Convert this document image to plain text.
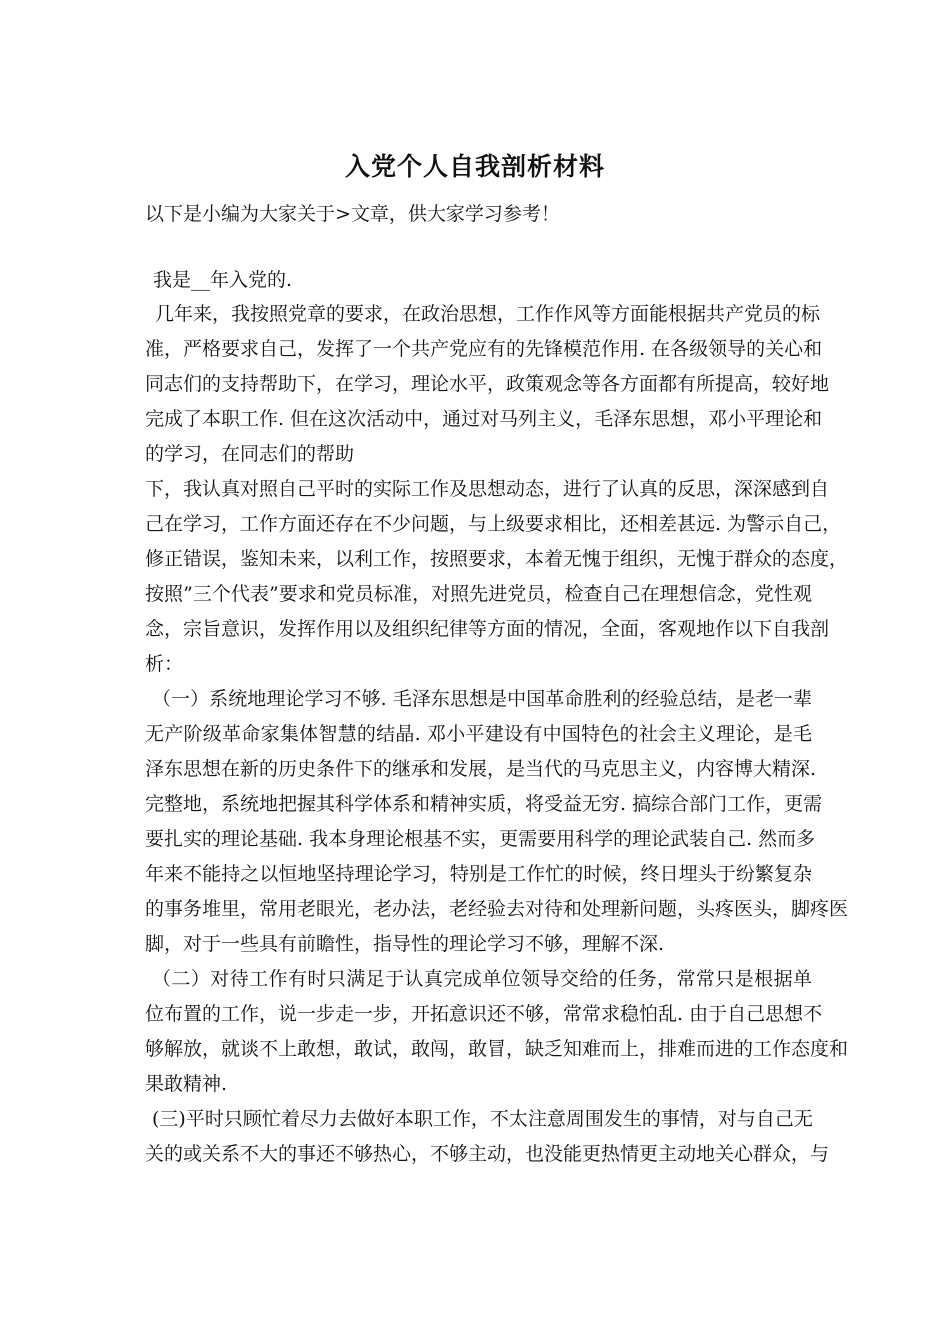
入党个人自我剖析材料
以下是小编为大家关于>文章，供大家学习参考！
我是__年入党的.
几年来，我按照党章的要求，在政治思想，工作作风等方面能根据共产党员的标
准，严格要求自己，发挥了一个共产党应有的先锋模范作用. 在各级领导的关心和
同志们的支持帮助下，在学习，理论水平，政策观念等各方面都有所提高，较好地
完成了本职工作. 但在这次活动中，通过对马列主义，毛泽东思想，邓小平理论和
的学习，在同志们的帮助
下，我认真对照自己平时的实际工作及思想动态，进行了认真的反思，深深感到自
己在学习，工作方面还存在不少问题，与上级要求相比，还相差甚远. 为警示自己，
修正错误，鉴知未来，以利工作，按照要求，本着无愧于组织，无愧于群众的态度，
按照”三个代表”要求和党员标准，对照先进党员，检查自己在理想信念，党性观
念，宗旨意识，发挥作用以及组织纪律等方面的情况，全面，客观地作以下自我剖
析：
（一）系统地理论学习不够. 毛泽东思想是中国革命胜利的经验总结，是老一辈
无产阶级革命家集体智慧的结晶. 邓小平建设有中国特色的社会主义理论，是毛
泽东思想在新的历史条件下的继承和发展，是当代的马克思主义，内容博大精深.
完整地，系统地把握其科学体系和精神实质，将受益无穷. 搞综合部门工作，更需
要扎实的理论基础. 我本身理论根基不实，更需要用科学的理论武装自己. 然而多
年来不能持之以恒地坚持理论学习，特别是工作忙的时候，终日埋头于纷繁复杂
的事务堆里，常用老眼光，老办法，老经验去对待和处理新问题，头疼医头，脚疼医
脚，对于一些具有前瞻性，指导性的理论学习不够，理解不深.
（二）对待工作有时只满足于认真完成单位领导交给的任务，常常只是根据单
位布置的工作，说一步走一步，开拓意识还不够，常常求稳怕乱. 由于自己思想不
够解放，就谈不上敢想，敢试，敢闯，敢冒，缺乏知难而上，排难而进的工作态度和
果敢精神.
(三)平时只顾忙着尽力去做好本职工作，不太注意周围发生的事情，对与自己无
关的或关系不大的事还不够热心，不够主动，也没能更热情更主动地关心群众，与
